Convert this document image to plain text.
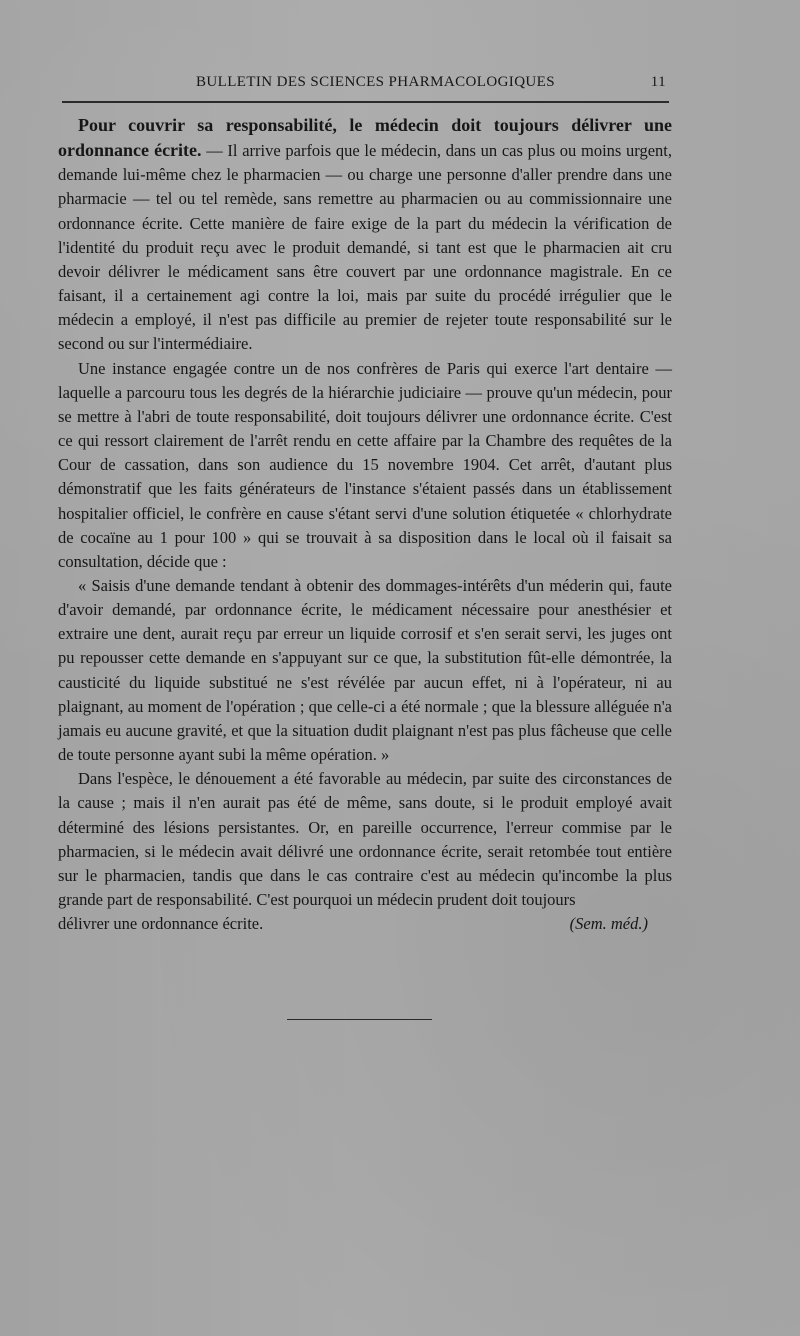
BULLETIN DES SCIENCES PHARMACOLOGIQUES	11

Pour couvrir sa responsabilité, le médecin doit toujours délivrer une ordonnance écrite. — Il arrive parfois que le médecin, dans un cas plus ou moins urgent, demande lui-même chez le pharmacien — ou charge une personne d'aller prendre dans une pharmacie — tel ou tel remède, sans remettre au pharmacien ou au commissionnaire une ordonnance écrite. Cette manière de faire exige de la part du médecin la vérification de l'identité du produit reçu avec le produit demandé, si tant est que le pharmacien ait cru devoir délivrer le médicament sans être couvert par une ordonnance magistrale. En ce faisant, il a certainement agi contre la loi, mais par suite du procédé irrégulier que le médecin a employé, il n'est pas difficile au premier de rejeter toute responsabilité sur le second ou sur l'intermédiaire.

Une instance engagée contre un de nos confrères de Paris qui exerce l'art dentaire — laquelle a parcouru tous les degrés de la hiérarchie judiciaire — prouve qu'un médecin, pour se mettre à l'abri de toute responsabilité, doit toujours délivrer une ordonnance écrite. C'est ce qui ressort clairement de l'arrêt rendu en cette affaire par la Chambre des requêtes de la Cour de cassation, dans son audience du 15 novembre 1904. Cet arrêt, d'autant plus démonstratif que les faits générateurs de l'instance s'étaient passés dans un établissement hospitalier officiel, le confrère en cause s'étant servi d'une solution étiquetée « chlorhydrate de cocaïne au 1 pour 100 » qui se trouvait à sa disposition dans le local où il faisait sa consultation, décide que :

« Saisis d'une demande tendant à obtenir des dommages-intérêts d'un méderin qui, faute d'avoir demandé, par ordonnance écrite, le médicament nécessaire pour anesthésier et extraire une dent, aurait reçu par erreur un liquide corrosif et s'en serait servi, les juges ont pu repousser cette demande en s'appuyant sur ce que, la substitution fût-elle démontrée, la causticité du liquide substitué ne s'est révélée par aucun effet, ni à l'opérateur, ni au plaignant, au moment de l'opération ; que celle-ci a été normale ; que la blessure alléguée n'a jamais eu aucune gravité, et que la situation dudit plaignant n'est pas plus fâcheuse que celle de toute personne ayant subi la même opération. »

Dans l'espèce, le dénouement a été favorable au médecin, par suite des circonstances de la cause ; mais il n'en aurait pas été de même, sans doute, si le produit employé avait déterminé des lésions persistantes. Or, en pareille occurrence, l'erreur commise par le pharmacien, si le médecin avait délivré une ordonnance écrite, serait retombée tout entière sur le pharmacien, tandis que dans le cas contraire c'est au médecin qu'incombe la plus grande part de responsabilité. C'est pourquoi un médecin prudent doit toujours

délivrer une ordonnance écrite.	(Sem. méd.)
